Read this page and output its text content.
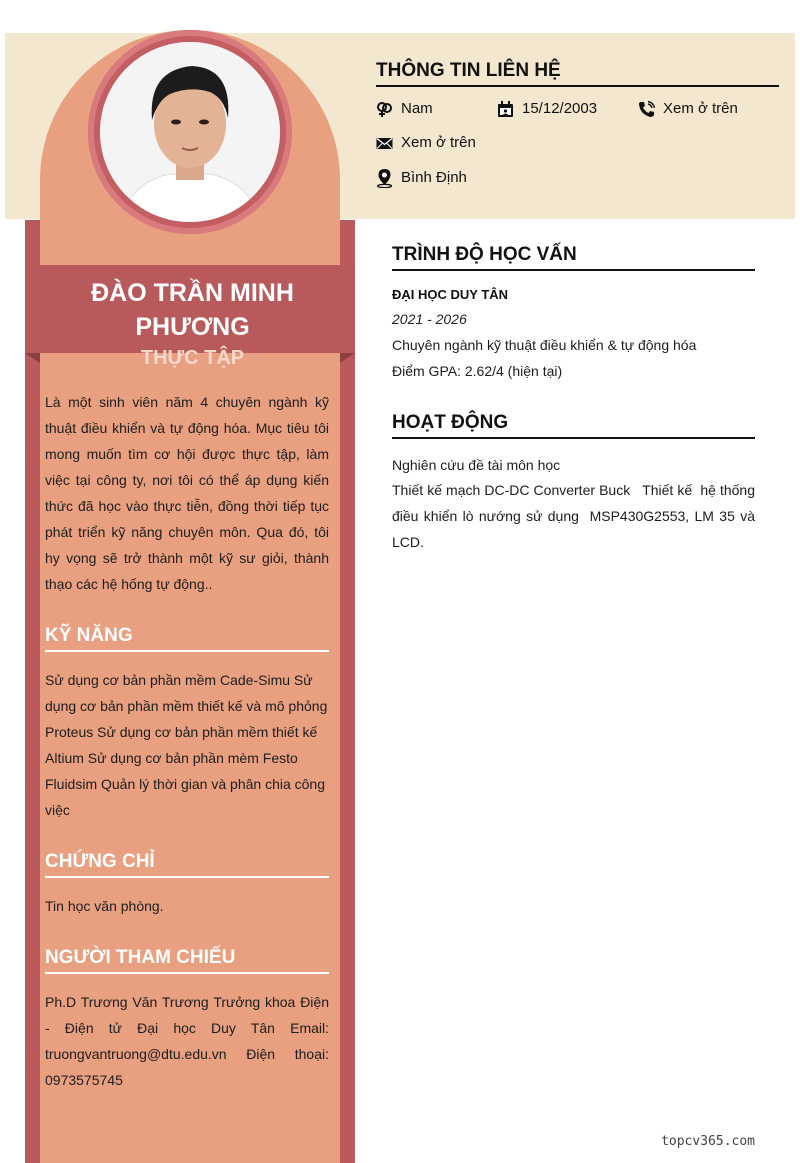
ĐÀO TRẦN MINH PHƯƠNG
THỰC TẬP
Là một sinh viên năm 4 chuyên ngành kỹ thuật điều khiển và tự động hóa. Mục tiêu tôi mong muốn tìm cơ hội được thực tập, làm việc tại công ty, nơi tôi có thể áp dụng kiến thức đã học vào thực tiễn, đồng thời tiếp tục phát triển kỹ năng chuyên môn. Qua đó, tôi hy vọng sẽ trở thành một kỹ sư giỏi, thành thạo các hệ hống tự động..
KỸ NĂNG
Sử dụng cơ bản phần mềm Cade-Simu Sử dụng cơ bản phần mềm thiết kế và mô phỏng Proteus Sử dụng cơ bản phần mềm thiết kế Altium Sử dụng cơ bản phần mèm Festo Fluidsim Quản lý thời gian và phân chia công việc
CHỨNG CHỈ
Tin học văn phòng.
NGƯỜI THAM CHIẾU
Ph.D Trương Văn Trương Trưởng khoa Điện - Điện tử Đại học Duy Tân Email: truongvantruong@dtu.edu.vn Điện thoại: 0973575745
THÔNG TIN LIÊN HỆ
Nam	15/12/2003	Xem ở trên
Xem ở trên
Bình Định
TRÌNH ĐỘ HỌC VẤN
ĐẠI HỌC DUY TÂN
2021 - 2026
Chuyên ngành kỹ thuật điều khiển & tự động hóa
Điểm GPA: 2.62/4 (hiện tại)
HOẠT ĐỘNG
Nghiên cứu đề tài môn học
Thiết kế mạch DC-DC Converter Buck   Thiết kế  hệ thống điều khiển lò nướng sử dụng  MSP430G2553, LM 35 và LCD.
topcv365.com
